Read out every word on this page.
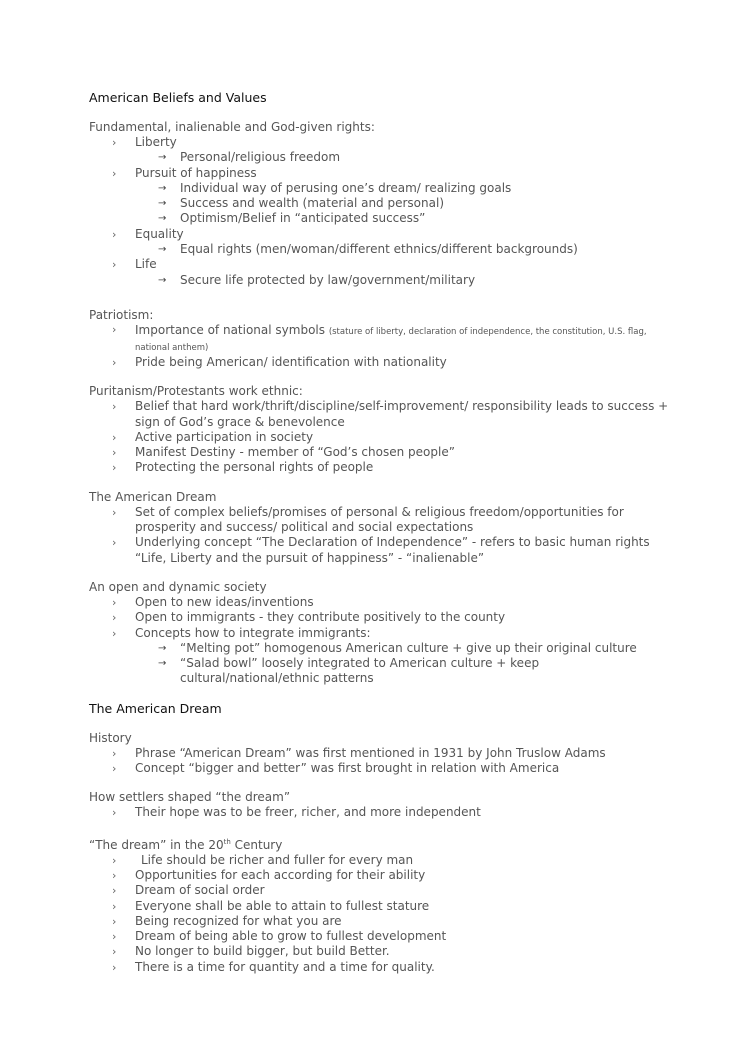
American Beliefs and Values
Fundamental, inalienable and God-given rights:
› Liberty
→ Personal/religious freedom
› Pursuit of happiness
→ Individual way of perusing one’s dream/ realizing goals
→ Success and wealth (material and personal)
→ Optimism/Belief in “anticipated success”
› Equality
→ Equal rights (men/woman/different ethnics/different backgrounds)
› Life
→ Secure life protected by law/government/military
Patriotism:
› Importance of national symbols (stature of liberty, declaration of independence, the constitution, U.S. flag, national anthem)
› Pride being American/ identification with nationality
Puritanism/Protestants work ethnic:
› Belief that hard work/thrift/discipline/self-improvement/ responsibility leads to success + sign of God’s grace & benevolence
› Active participation in society
› Manifest Destiny - member of “God’s chosen people”
› Protecting the personal rights of people
The American Dream
› Set of complex beliefs/promises of personal & religious freedom/opportunities for prosperity and success/ political and social expectations
› Underlying concept “The Declaration of Independence” - refers to basic human rights “Life, Liberty and the pursuit of happiness” - “inalienable”
An open and dynamic society
› Open to new ideas/inventions
› Open to immigrants - they contribute positively to the county
› Concepts how to integrate immigrants:
→ “Melting pot” homogenous American culture + give up their original culture
→ “Salad bowl” loosely integrated to American culture + keep cultural/national/ethnic patterns
The American Dream
History
› Phrase “American Dream” was first mentioned in 1931 by John Truslow Adams
› Concept “bigger and better” was first brought in relation with America
How settlers shaped “the dream”
› Their hope was to be freer, richer, and more independent
“The dream” in the 20th Century
› Life should be richer and fuller for every man
› Opportunities for each according for their ability
› Dream of social order
› Everyone shall be able to attain to fullest stature
› Being recognized for what you are
› Dream of being able to grow to fullest development
› No longer to build bigger, but build Better.
› There is a time for quantity and a time for quality.
